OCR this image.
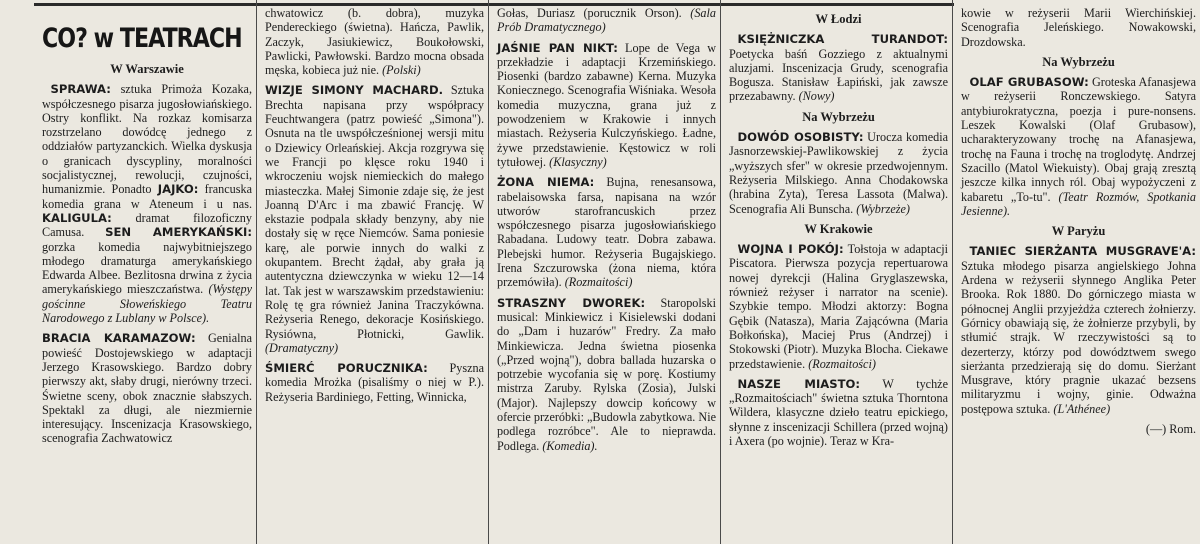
CO? w TEATRACH
W Warszawie

SPRAWA: sztuka Primoża Kozaka, współczesnego pisarza jugosłowiańskiego. Ostry konflikt. Na rozkaz komisarza rozstrzelano dowódcę jednego z oddziałów partyzanckich. Wielka dyskusja o granicach dyscypliny, moralności socjalistycznej, rewolucji, czujności, humanizmie. Ponadto JAJKO: francuska komedia grana w Ateneum i u nas. KALIGULA: dramat filozoficzny Camusa. SEN AMERYKAŃSKI: gorzka komedia najwybitniejszego młodego dramaturga amerykańskiego Edwarda Albee. Bezlitosna drwina z życia amerykańskiego mieszczaństwa. (Występy gościnne Słoweńskiego Teatru Narodowego z Lublany w Polsce).

BRACIA KARAMAZOW: Genialna powieść Dostojewskiego w adaptacji Jerzego Krasowskiego. Bardzo dobry pierwszy akt, słaby drugi, nierówny trzeci. Świetne sceny, obok znacznie słabszych. Spektakl za długi, ale niezmiernie interesujący. Inscenizacja Krasowskiego, scenografia Zachwatowicz

chwatowicz (b. dobra), muzyka Pendereckiego (świetna). Hańcza, Pawlik, Zaczyk, Jasiukiewicz, Boukołowski, Pawlicki, Pawłowski. Bardzo mocna obsada męska, kobieca już nie. (Polski)

WIZJE SIMONY MACHARD. Sztuka Brechta napisana przy współpracy Feuchtwangera (patrz powieść „Simona"). Osnuta na tle uwspółcześnionej wersji mitu o Dziewicy Orleańskiej. Akcja rozgrywa się we Francji po klęsce roku 1940 i wkroczeniu wojsk niemieckich do małego miasteczka. Małej Simonie zdaje się, że jest Joanną D'Arc i ma zbawić Francję. W ekstazie podpala składy benzyny, aby nie dostały się w ręce Niemców. Sama poniesie karę, ale porwie innych do walki z okupantem. Brecht żądał, aby grała ją autentyczna dziewczynka w wieku 12—14 lat. Tak jest w warszawskim przedstawieniu: Rolę tę gra również Janina Traczykówna. Reżyseria Renego, dekoracje Kosińskiego. Rysiówna, Płotnicki, Gawlik. (Dramatyczny)

ŚMIERĆ PORUCZNIKA: Pyszna komedia Mrożka (pisaliśmy o niej w P.). Reżyseria Bardiniego, Fetting, Winnicka,

Gołas, Duriasz (porucznik Orson). (Sala Prób Dramatycznego)

JAŚNIE PAN NIKT: Lope de Vega w przekładzie i adaptacji Krzemińskiego. Piosenki (bardzo zabawne) Kerna. Muzyka Koniecznego. Scenografia Wiśniaka. Wesoła komedia muzyczna, grana już z powodzeniem w Krakowie i innych miastach. Reżyseria Kulczyńskiego. Ładne, żywe przedstawienie. Kęstowicz w roli tytułowej. (Klasyczny)

ŻONA NIEMA: Bujna, renesansowa, rabelaisowska farsa, napisana na wzór utworów starofrancuskich przez współczesnego pisarza jugosłowiańskiego Rabadana. Ludowy teatr. Dobra zabawa. Plebejski humor. Reżyseria Bugajskiego. Irena Szczurowska (żona niema, która przemówiła). (Rozmaitości)

STRASZNY DWOREK: Staropolski musical: Minkiewicz i Kisielewski dodani do „Dam i huzarów" Fredry. Za mało Minkiewicza. Jedna świetna piosenka („Przed wojną"), dobra ballada huzarska o potrzebie wycofania się w porę. Kostiumy mistrza Zaruby. Rylska (Zosia), Julski (Major). Najlepszy dowcip końcowy w ofercie przeróbki: „Budowla zabytkowa. Nie podlega rozróbce". Ale to nieprawda. Podlega. (Komedia).

W Łodzi

KSIĘŻNICZKA TURANDOT: Poetycka baśń Gozziego z aktualnymi aluzjami. Inscenizacja Grudy, scenografia Bogusza. Stanisław Łapiński, jak zawsze przezabawny. (Nowy)

Na Wybrzeżu

DOWÓD OSOBISTY: Urocza komedia Jasnorzewskiej-Pawlikowskiej z życia „wyższych sfer" w okresie przedwojennym. Reżyseria Milskiego. Anna Chodakowska (hrabina Zyta), Teresa Lassota (Malwa). Scenografia Ali Bunscha. (Wybrzeże)

W Krakowie

WOJNA I POKÓJ: Tołstoja w adaptacji Piscatora. Pierwsza pozycja repertuarowa nowej dyrekcji (Halina Gryglaszewska, również reżyser i narrator na scenie). Szybkie tempo. Młodzi aktorzy: Bogna Gębik (Natasza), Maria Zającówna (Maria Bołkońska), Maciej Prus (Andrzej) i Stokowski (Piotr). Muzyka Blocha. Ciekawe przedstawienie. (Rozmaitości)

NASZE MIASTO: W tychże „Rozmaitościach" świetna sztuka Thorntona Wildera, klasyczne dzieło teatru epickiego, słynne z inscenizacji Schillera (przed wojną) i Axera (po wojnie). Teraz w Kra-

kowie w reżyserii Marii Wierchińskiej. Scenografia Jeleńskiego. Nowakowski, Drozdowska.

Na Wybrzeżu

OLAF GRUBASOW: Groteska Afanasjewa w reżyserii Ronczewskiego. Satyra antybiurokratyczna, poezja i pure-nonsens. Leszek Kowalski (Olaf Grubasow), ucharakteryzowany trochę na Afanasjewa, trochę na Fauna i trochę na troglodytę. Andrzej Szacillo (Matol Wiekuisty). Obaj grają zresztą jeszcze kilka innych ról. Obaj wypożyczeni z kabaretu „To-tu". (Teatr Rozmów, Spotkania Jesienne).

W Paryżu

TANIEC SIERŻANTA MUSGRAVE'A: Sztuka młodego pisarza angielskiego Johna Ardena w reżyserii słynnego Anglika Peter Brooka. Rok 1880. Do górniczego miasta w północnej Anglii przyjeżdża czterech żołnierzy. Górnicy obawiają się, że żołnierze przybyli, by stłumić strajk. W rzeczywistości są to dezerterzy, którzy pod dowództwem swego sierżanta przedzierają się do domu. Sierżant Musgrave, który pragnie ukazać bezsens militaryzmu i wojny, ginie. Odważna postępowa sztuka. (L'Athénee)

(—) Rom.
